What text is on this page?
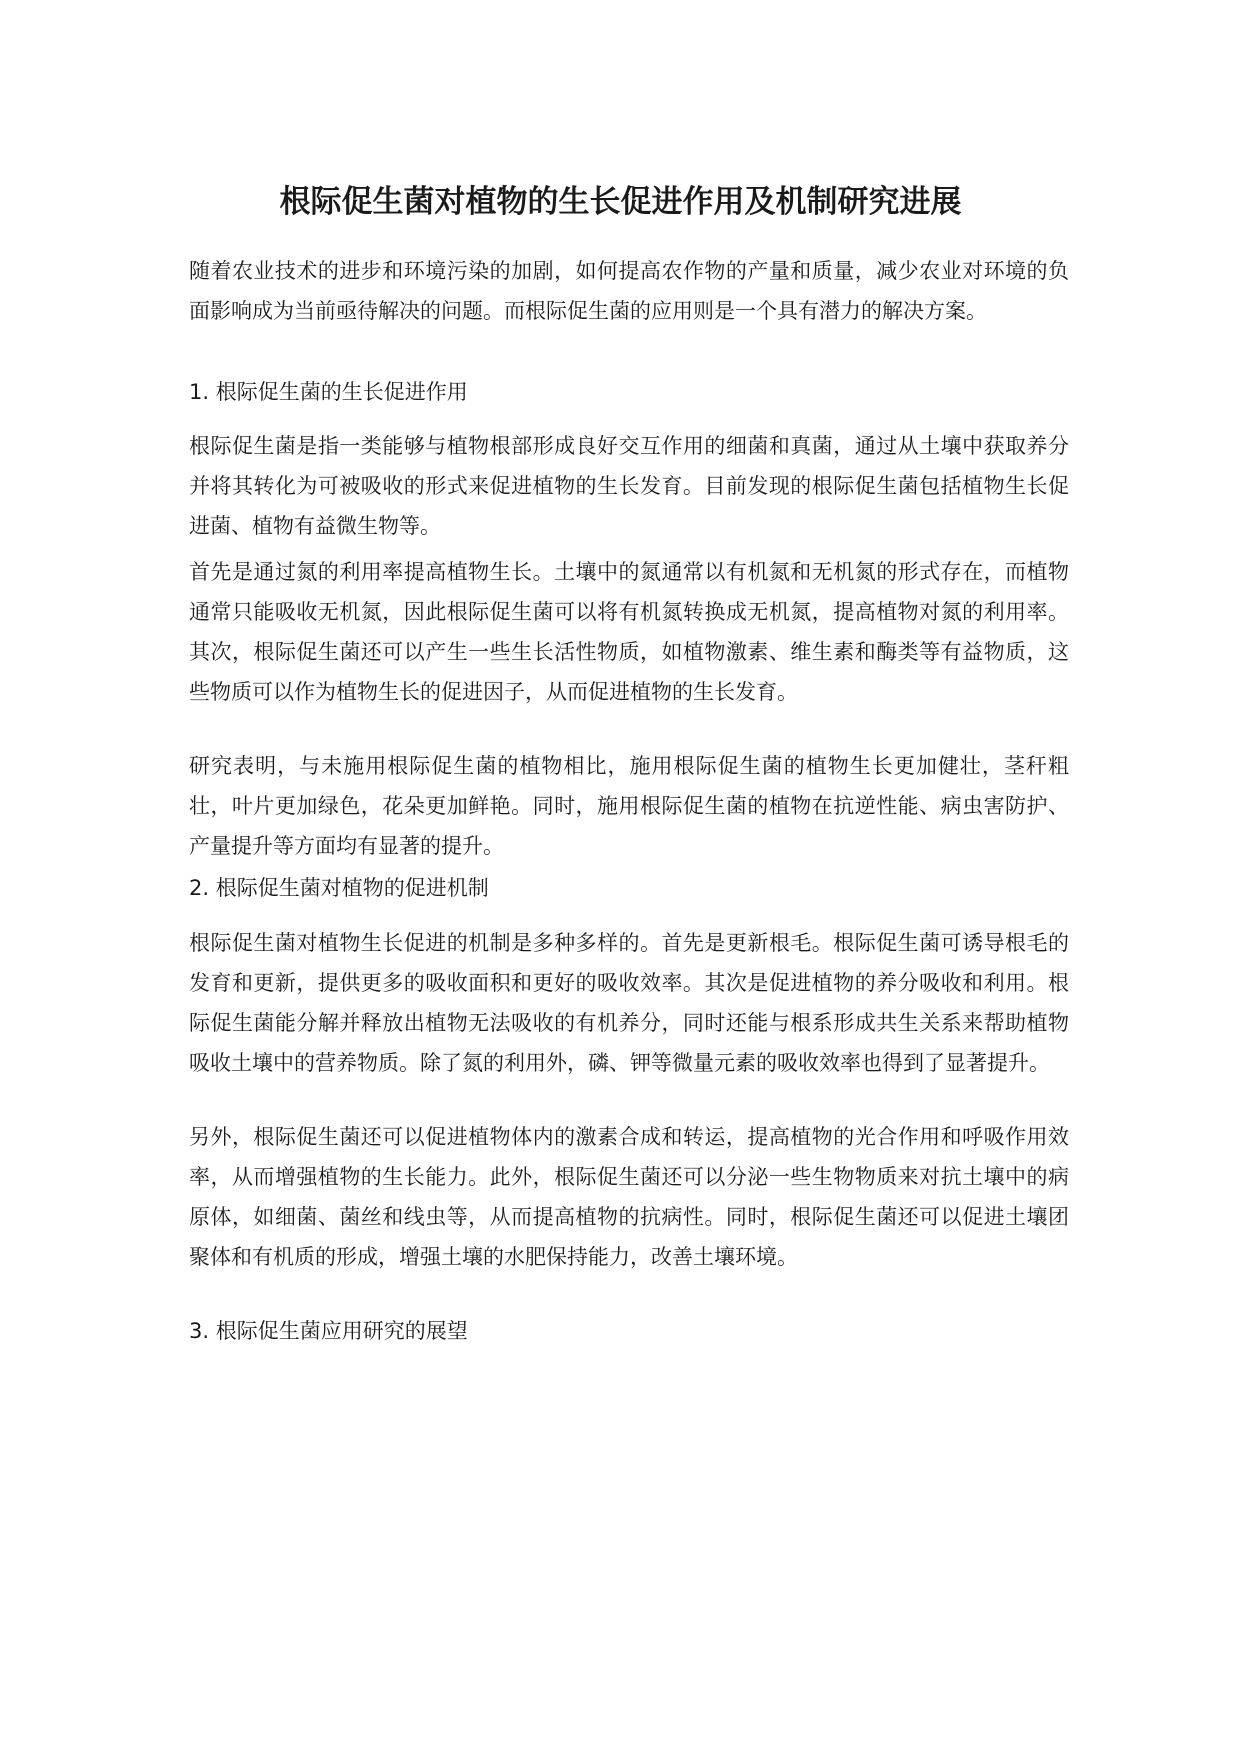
根际促生菌对植物的生长促进作用及机制研究进展

随着农业技术的进步和环境污染的加剧，如何提高农作物的产量和质量，减少农业对环境的负面影响成为当前亟待解决的问题。而根际促生菌的应用则是一个具有潜力的解决方案。

1. 根际促生菌的生长促进作用

根际促生菌是指一类能够与植物根部形成良好交互作用的细菌和真菌，通过从土壤中获取养分并将其转化为可被吸收的形式来促进植物的生长发育。目前发现的根际促生菌包括植物生长促进菌、植物有益微生物等。

首先是通过氮的利用率提高植物生长。土壤中的氮通常以有机氮和无机氮的形式存在，而植物通常只能吸收无机氮，因此根际促生菌可以将有机氮转换成无机氮，提高植物对氮的利用率。其次，根际促生菌还可以产生一些生长活性物质，如植物激素、维生素和酶类等有益物质，这些物质可以作为植物生长的促进因子，从而促进植物的生长发育。

研究表明，与未施用根际促生菌的植物相比，施用根际促生菌的植物生长更加健壮，茎秆粗壮，叶片更加绿色，花朵更加鲜艳。同时，施用根际促生菌的植物在抗逆性能、病虫害防护、产量提升等方面均有显著的提升。

2. 根际促生菌对植物的促进机制

根际促生菌对植物生长促进的机制是多种多样的。首先是更新根毛。根际促生菌可诱导根毛的发育和更新，提供更多的吸收面积和更好的吸收效率。其次是促进植物的养分吸收和利用。根际促生菌能分解并释放出植物无法吸收的有机养分，同时还能与根系形成共生关系来帮助植物吸收土壤中的营养物质。除了氮的利用外，磷、钾等微量元素的吸收效率也得到了显著提升。

另外，根际促生菌还可以促进植物体内的激素合成和转运，提高植物的光合作用和呼吸作用效率，从而增强植物的生长能力。此外，根际促生菌还可以分泌一些生物物质来对抗土壤中的病原体，如细菌、菌丝和线虫等，从而提高植物的抗病性。同时，根际促生菌还可以促进土壤团聚体和有机质的形成，增强土壤的水肥保持能力，改善土壤环境。

3. 根际促生菌应用研究的展望
